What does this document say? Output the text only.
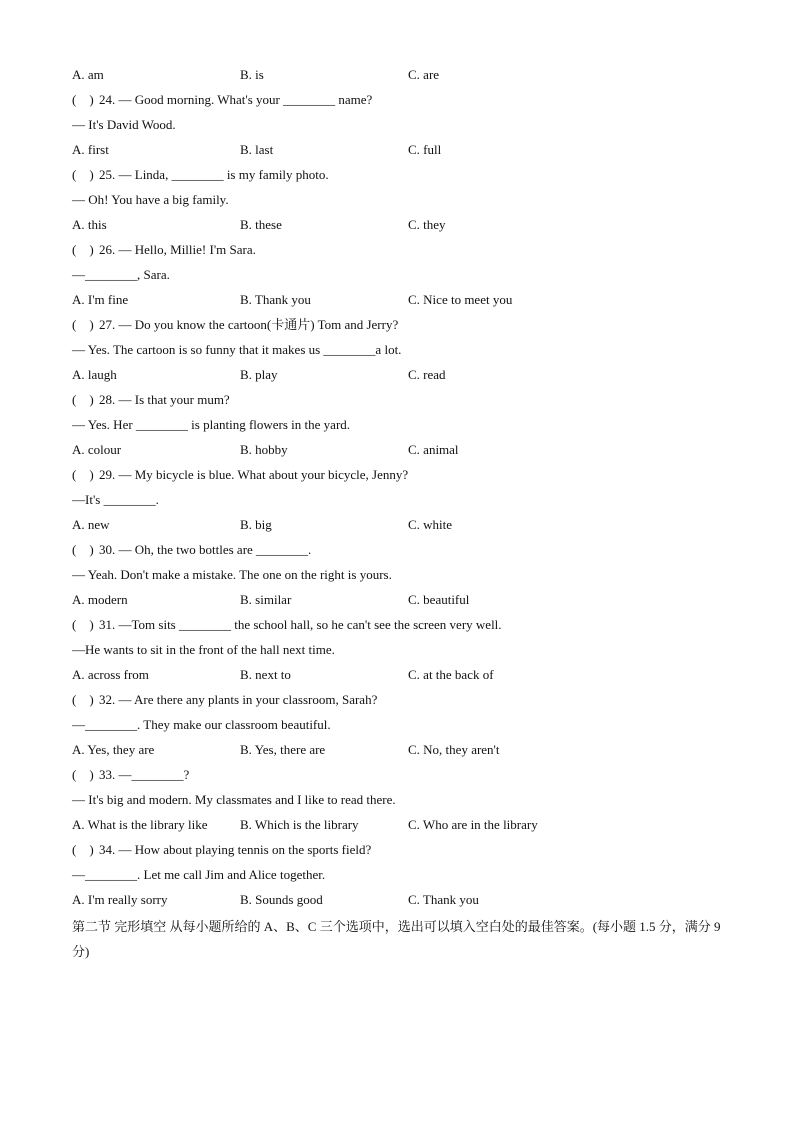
A. am	B. is	C. are
(    ) 24. — Good morning. What's your ________ name?
— It's David Wood.
A. first	B. last	C. full
(    ) 25. — Linda, ________ is my family photo.
— Oh! You have a big family.
A. this	B. these	C. they
(    ) 26. — Hello, Millie! I'm Sara.
—________, Sara.
A. I'm fine	B. Thank you	C. Nice to meet you
(    ) 27. — Do you know the cartoon(卡通片) Tom and Jerry?
— Yes. The cartoon is so funny that it makes us ________a lot.
A. laugh	B. play	C. read
(    ) 28. — Is that your mum?
— Yes. Her ________ is planting flowers in the yard.
A. colour	B. hobby	C. animal
(    ) 29. — My bicycle is blue. What about your bicycle, Jenny?
—It's ________.
A. new	B. big	C. white
(    ) 30. — Oh, the two bottles are ________.
— Yeah. Don't make a mistake. The one on the right is yours.
A. modern	B. similar	C. beautiful
(    ) 31. —Tom sits ________ the school hall, so he can't see the screen very well.
—He wants to sit in the front of the hall next time.
A. across from	B. next to	C. at the back of
(    ) 32. — Are there any plants in your classroom, Sarah?
—________. They make our classroom beautiful.
A. Yes, they are	B. Yes, there are	C. No, they aren't
(    ) 33. —________?
— It's big and modern. My classmates and I like to read there.
A. What is the library like	B. Which is the library	C. Who are in the library
(    ) 34. — How about playing tennis on the sports field?
—________. Let me call Jim and Alice together.
A. I'm really sorry	B. Sounds good	C. Thank you
第二节 完形填空 从每小题所给的 A、B、C 三个选项中，选出可以填入空白处的最佳答案。(每小题 1.5 分，满分 9 分)
